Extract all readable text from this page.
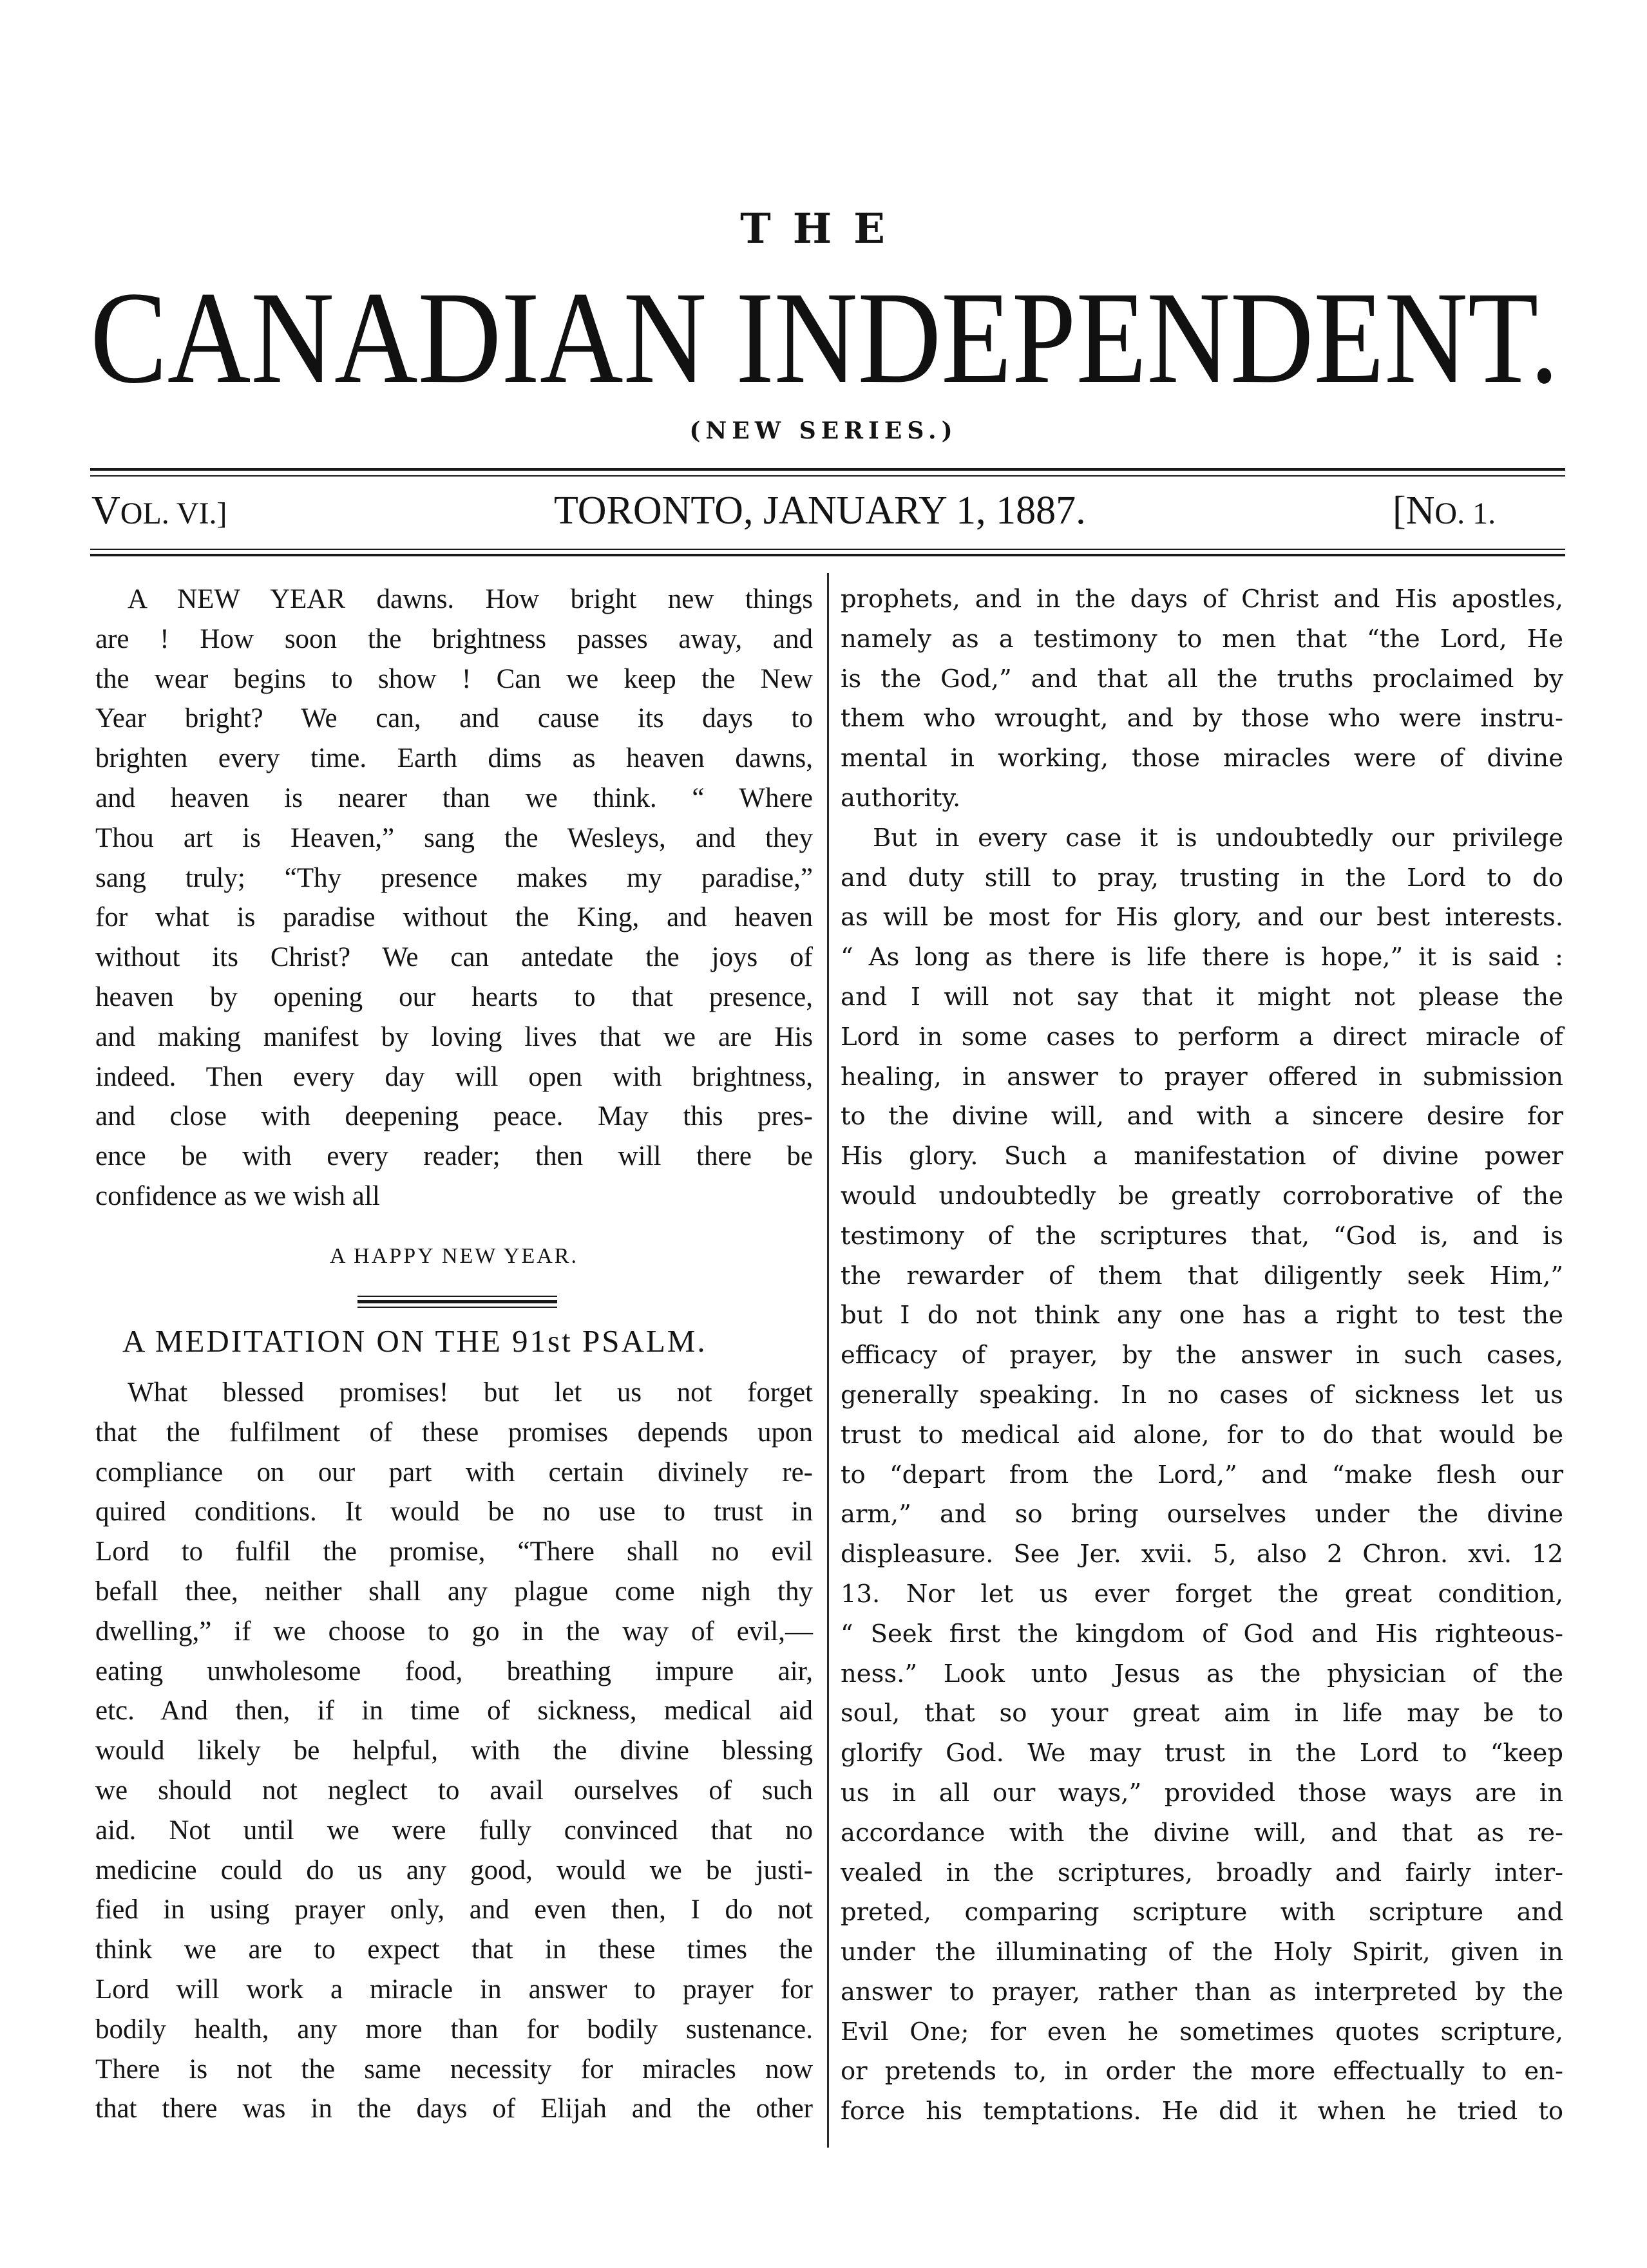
THE
CANADIAN INDEPENDENT.
(NEW SERIES.)
VOL. VI.]	TORONTO, JANUARY 1, 1887.	[NO. 1.
A NEW YEAR dawns. How bright new things
are ! How soon the brightness passes away, and
the wear begins to show ! Can we keep the New
Year bright? We can, and cause its days to
brighten every time. Earth dims as heaven dawns,
and heaven is nearer than we think. “ Where
Thou art is Heaven,” sang the Wesleys, and they
sang truly; “Thy presence makes my paradise,”
for what is paradise without the King, and heaven
without its Christ? We can antedate the joys of
heaven by opening our hearts to that presence,
and making manifest by loving lives that we are His
indeed. Then every day will open with brightness,
and close with deepening peace. May this pres-
ence be with every reader; then will there be
confidence as we wish all
A HAPPY NEW YEAR.
A MEDITATION ON THE 91st PSALM.
What blessed promises! but let us not forget
that the fulfilment of these promises depends upon
compliance on our part with certain divinely re-
quired conditions. It would be no use to trust in
Lord to fulfil the promise, “There shall no evil
befall thee, neither shall any plague come nigh thy
dwelling,” if we choose to go in the way of evil,—
eating unwholesome food, breathing impure air,
etc. And then, if in time of sickness, medical aid
would likely be helpful, with the divine blessing
we should not neglect to avail ourselves of such
aid. Not until we were fully convinced that no
medicine could do us any good, would we be justi-
fied in using prayer only, and even then, I do not
think we are to expect that in these times the
Lord will work a miracle in answer to prayer for
bodily health, any more than for bodily sustenance.
There is not the same necessity for miracles now
that there was in the days of Elijah and the other
prophets, and in the days of Christ and His apostles,
namely as a testimony to men that “the Lord, He
is the God,” and that all the truths proclaimed by
them who wrought, and by those who were instru-
mental in working, those miracles were of divine
authority.
But in every case it is undoubtedly our privilege
and duty still to pray, trusting in the Lord to do
as will be most for His glory, and our best interests.
“ As long as there is life there is hope,” it is said :
and I will not say that it might not please the
Lord in some cases to perform a direct miracle of
healing, in answer to prayer offered in submission
to the divine will, and with a sincere desire for
His glory. Such a manifestation of divine power
would undoubtedly be greatly corroborative of the
testimony of the scriptures that, “God is, and is
the rewarder of them that diligently seek Him,”
but I do not think any one has a right to test the
efficacy of prayer, by the answer in such cases,
generally speaking. In no cases of sickness let us
trust to medical aid alone, for to do that would be
to “depart from the Lord,” and “make flesh our
arm,” and so bring ourselves under the divine
displeasure. See Jer. xvii. 5, also 2 Chron. xvi. 12
13. Nor let us ever forget the great condition,
“ Seek first the kingdom of God and His righteous-
ness.” Look unto Jesus as the physician of the
soul, that so your great aim in life may be to
glorify God. We may trust in the Lord to “keep
us in all our ways,” provided those ways are in
accordance with the divine will, and that as re-
vealed in the scriptures, broadly and fairly inter-
preted, comparing scripture with scripture and
under the illuminating of the Holy Spirit, given in
answer to prayer, rather than as interpreted by the
Evil One; for even he sometimes quotes scripture,
or pretends to, in order the more effectually to en-
force his temptations. He did it when he tried to
